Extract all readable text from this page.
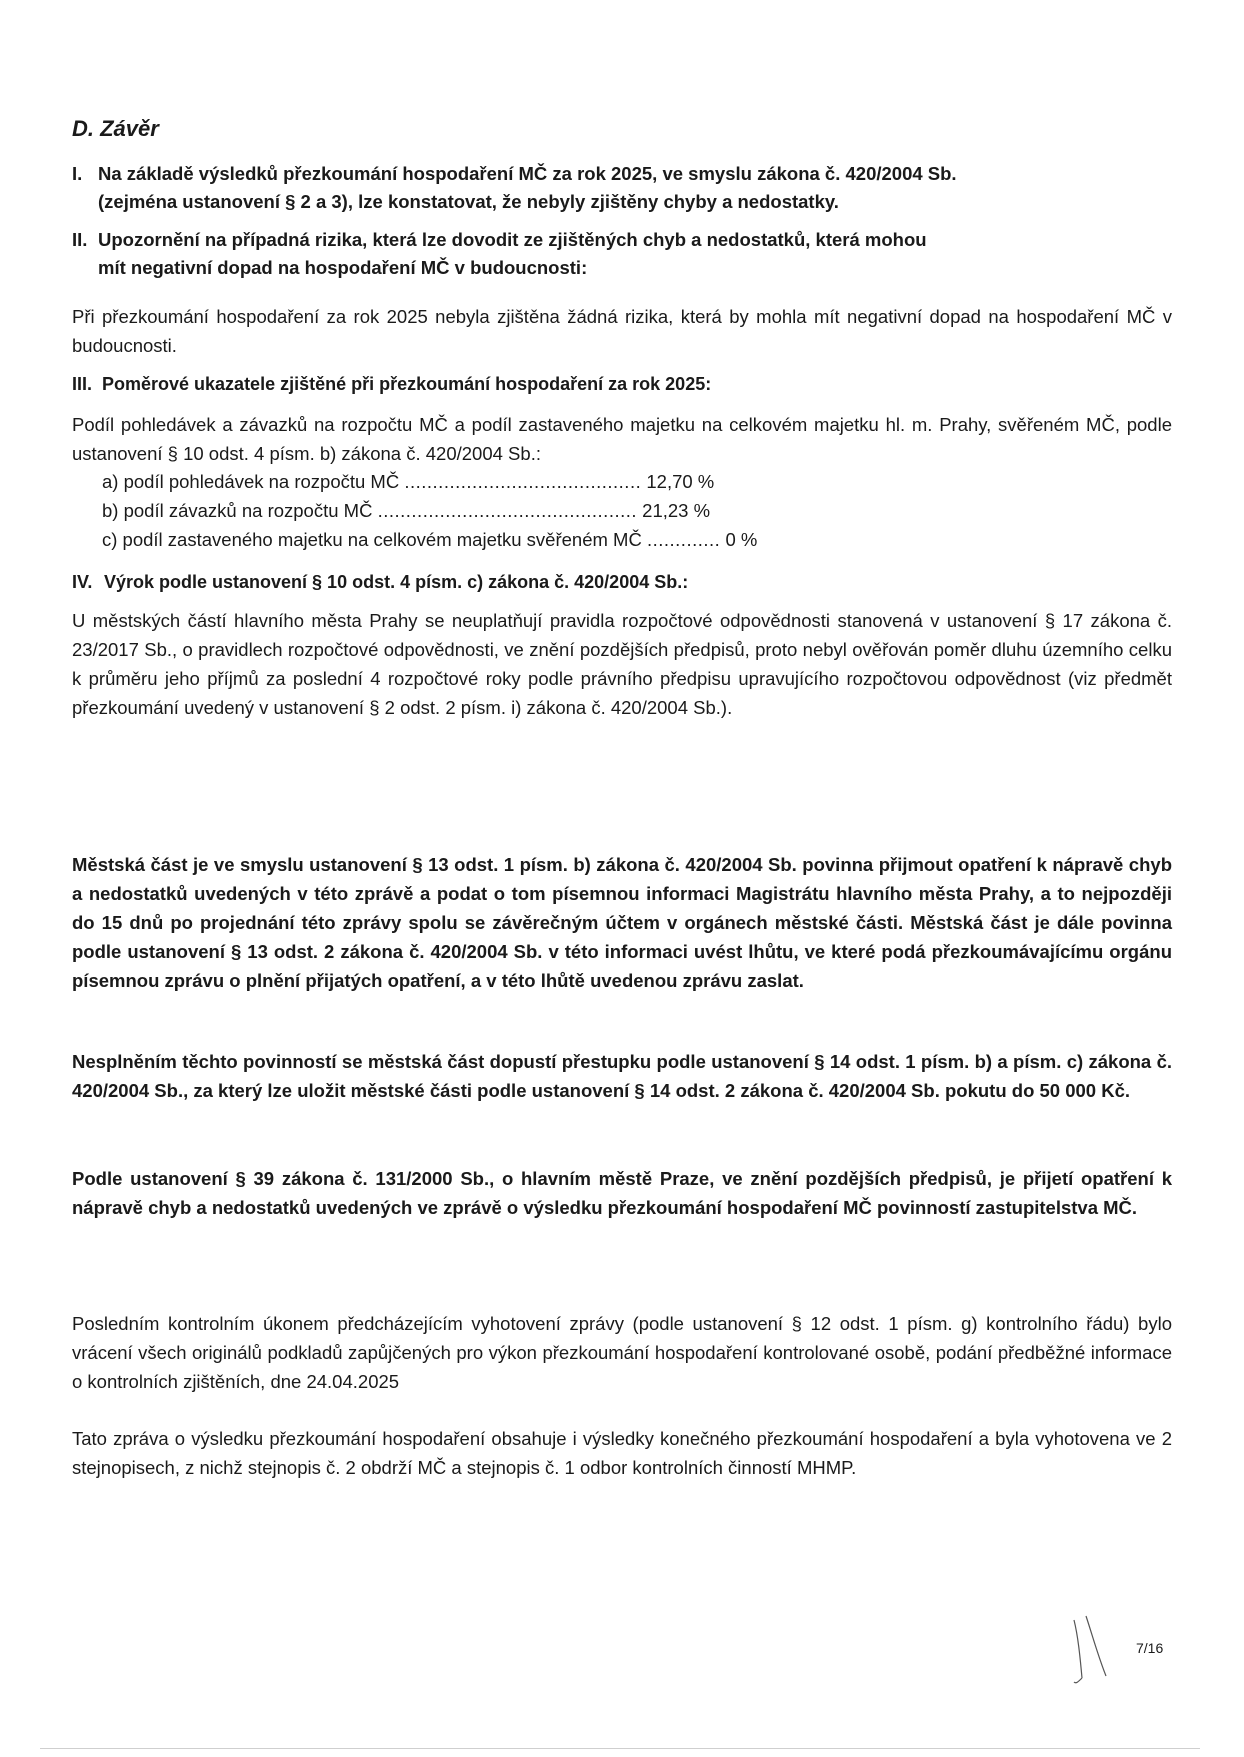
D. Závěr
I. Na základě výsledků přezkoumání hospodaření MČ za rok 2025, ve smyslu zákona č. 420/2004 Sb.
(zejména ustanovení § 2 a 3), lze konstatovat, že nebyly zjištěny chyby a nedostatky.
II. Upozornění na případná rizika, která lze dovodit ze zjištěných chyb a nedostatků, která mohou
mít negativní dopad na hospodaření MČ v budoucnosti:
Při přezkoumání hospodaření za rok 2025 nebyla zjištěna žádná rizika, která by mohla mít negativní dopad na hospodaření MČ v budoucnosti.
III. Poměrové ukazatele zjištěné při přezkoumání hospodaření za rok 2025:
Podíl pohledávek a závazků na rozpočtu MČ a podíl zastaveného majetku na celkovém majetku hl. m. Prahy, svěřeném MČ, podle ustanovení § 10 odst. 4 písm. b) zákona č. 420/2004 Sb.:
a) podíl pohledávek na rozpočtu MČ .......................................... 12,70 %
b) podíl závazků na rozpočtu MČ .............................................. 21,23 %
c) podíl zastaveného majetku na celkovém majetku svěřeném MČ ............. 0 %
IV. Výrok podle ustanovení § 10 odst. 4 písm. c) zákona č. 420/2004 Sb.:
U městských částí hlavního města Prahy se neuplatňují pravidla rozpočtové odpovědnosti stanovená v ustanovení § 17 zákona č. 23/2017 Sb., o pravidlech rozpočtové odpovědnosti, ve znění pozdějších předpisů, proto nebyl ověřován poměr dluhu územního celku k průměru jeho příjmů za poslední 4 rozpočtové roky podle právního předpisu upravujícího rozpočtovou odpovědnost (viz předmět přezkoumání uvedený v ustanovení § 2 odst. 2 písm. i) zákona č. 420/2004 Sb.).
Městská část je ve smyslu ustanovení § 13 odst. 1 písm. b) zákona č. 420/2004 Sb. povinna přijmout opatření k nápravě chyb a nedostatků uvedených v této zprávě a podat o tom písemnou informaci Magistrátu hlavního města Prahy, a to nejpozději do 15 dnů po projednání této zprávy spolu se závěrečným účtem v orgánech městské části. Městská část je dále povinna podle ustanovení § 13 odst. 2 zákona č. 420/2004 Sb. v této informaci uvést lhůtu, ve které podá přezkoumávajícímu orgánu písemnou zprávu o plnění přijatých opatření, a v této lhůtě uvedenou zprávu zaslat.
Nesplněním těchto povinností se městská část dopustí přestupku podle ustanovení § 14 odst. 1 písm. b) a písm. c) zákona č. 420/2004 Sb., za který lze uložit městské části podle ustanovení § 14 odst. 2 zákona č. 420/2004 Sb. pokutu do 50 000 Kč.
Podle ustanovení § 39 zákona č. 131/2000 Sb., o hlavním městě Praze, ve znění pozdějších předpisů, je přijetí opatření k nápravě chyb a nedostatků uvedených ve zprávě o výsledku přezkoumání hospodaření MČ povinností zastupitelstva MČ.
Posledním kontrolním úkonem předcházejícím vyhotovení zprávy (podle ustanovení § 12 odst. 1 písm. g) kontrolního řádu) bylo vrácení všech originálů podkladů zapůjčených pro výkon přezkoumání hospodaření kontrolované osobě, podání předběžné informace o kontrolních zjištěních, dne 24.04.2025
Tato zpráva o výsledku přezkoumání hospodaření obsahuje i výsledky konečného přezkoumání hospodaření a byla vyhotovena ve 2 stejnopisech, z nichž stejnopis č. 2 obdrží MČ a stejnopis č. 1 odbor kontrolních činností MHMP.
7/16
